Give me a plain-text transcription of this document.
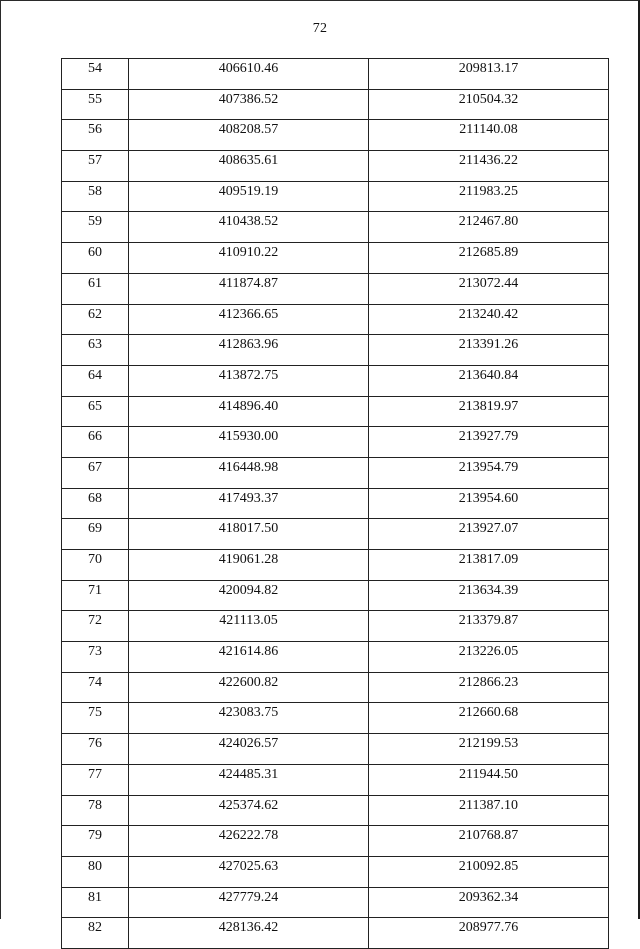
72
54	406610.46	209813.17
55	407386.52	210504.32
56	408208.57	211140.08
57	408635.61	211436.22
58	409519.19	211983.25
59	410438.52	212467.80
60	410910.22	212685.89
61	411874.87	213072.44
62	412366.65	213240.42
63	412863.96	213391.26
64	413872.75	213640.84
65	414896.40	213819.97
66	415930.00	213927.79
67	416448.98	213954.79
68	417493.37	213954.60
69	418017.50	213927.07
70	419061.28	213817.09
71	420094.82	213634.39
72	421113.05	213379.87
73	421614.86	213226.05
74	422600.82	212866.23
75	423083.75	212660.68
76	424026.57	212199.53
77	424485.31	211944.50
78	425374.62	211387.10
79	426222.78	210768.87
80	427025.63	210092.85
81	427779.24	209362.34
82	428136.42	208977.76
